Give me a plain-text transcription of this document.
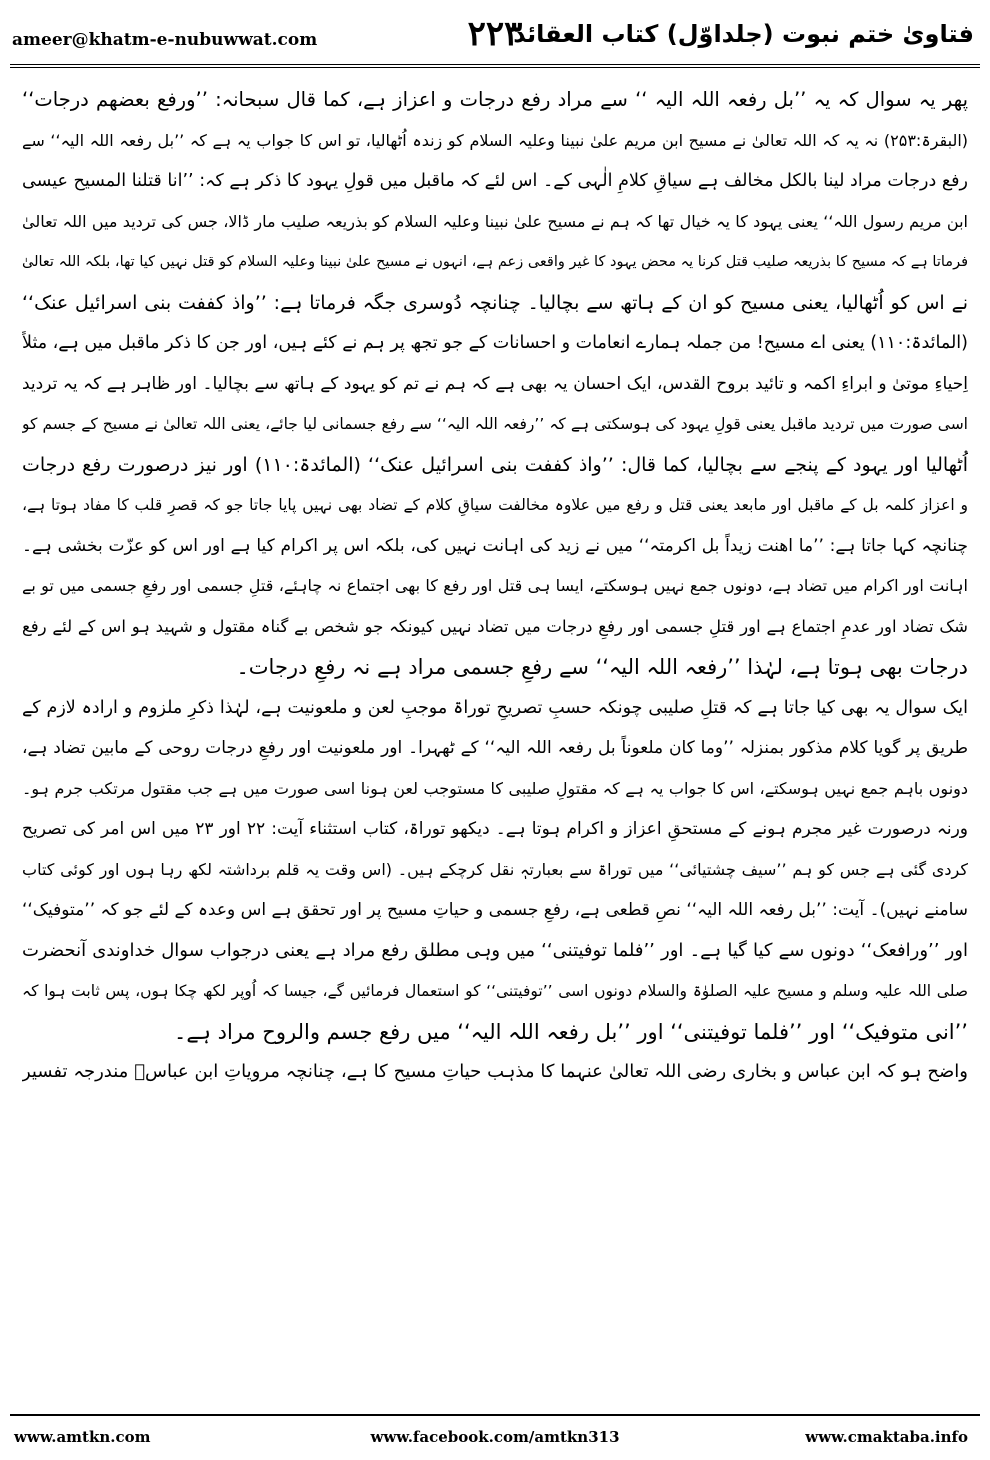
ameer@khatm-e-nubuwwat.com	۲۲۳
فتاویٰ ختم نبوت (جلداوّل) کتاب العقائد
پھر یہ سوال کہ یہ ’’بل رفعہ اللہ الیہ ‘‘ سے مراد رفع درجات و اعزاز ہے، کما قال سبحانہ: ’’ورفع بعضھم درجات‘‘
(البقرۃ:۲۵۳) نہ یہ کہ اللہ تعالیٰ نے مسیح ابن مریم علیٰ نبینا وعلیہ السلام کو زندہ اُٹھالیا، تو اس کا جواب یہ ہے کہ ’’بل رفعہ اللہ الیہ‘‘ سے
رفع درجات مراد لینا بالکل مخالف ہے سیاقِ کلامِ الٰہی کے۔ اس لئے کہ ماقبل میں قولِ یہود کا ذکر ہے کہ: ’’انا قتلنا المسیح عیسی
ابن مریم رسول اللہ‘‘ یعنی یہود کا یہ خیال تھا کہ ہم نے مسیح علیٰ نبینا وعلیہ السلام کو بذریعہ صلیب مار ڈالا، جس کی تردید میں اللہ تعالیٰ
فرماتا ہے کہ مسیح کا بذریعہ صلیب قتل کرنا یہ محض یہود کا غیر واقعی زعم ہے، انہوں نے مسیح علیٰ نبینا وعلیہ السلام کو قتل نہیں کیا تھا، بلکہ اللہ تعالیٰ
نے اس کو اُٹھالیا، یعنی مسیح کو ان کے ہاتھ سے بچالیا۔ چنانچہ دُوسری جگہ فرماتا ہے: ’’واذ کففت بنی اسرائیل عنک‘‘
(المائدۃ:۱۱۰) یعنی اے مسیح! من جملہ ہمارے انعامات و احسانات کے جو تجھ پر ہم نے کئے ہیں، اور جن کا ذکر ماقبل میں ہے، مثلاً
اِحیاءِ موتیٰ و ابراءِ اکمہ و تائید بروح القدس، ایک احسان یہ بھی ہے کہ ہم نے تم کو یہود کے ہاتھ سے بچالیا۔ اور ظاہر ہے کہ یہ تردید
اسی صورت میں تردید ماقبل یعنی قولِ یہود کی ہوسکتی ہے کہ ’’رفعہ اللہ الیہ‘‘ سے رفع جسمانی لیا جائے، یعنی اللہ تعالیٰ نے مسیح کے جسم کو
اُٹھالیا اور یہود کے پنجے سے بچالیا، کما قال: ’’واذ کففت بنی اسرائیل عنک‘‘ (المائدۃ:۱۱۰) اور نیز درصورت رفع درجات
و اعزاز کلمہ بل کے ماقبل اور مابعد یعنی قتل و رفع میں علاوہ مخالفت سیاقِ کلام کے تضاد بھی نہیں پایا جاتا جو کہ قصرِ قلب کا مفاد ہوتا ہے،
چنانچہ کہا جاتا ہے: ’’ما اھنت زیداً بل اکرمتہ‘‘ میں نے زید کی اہانت نہیں کی، بلکہ اس پر اکرام کیا ہے اور اس کو عزّت بخشی ہے۔
اہانت اور اکرام میں تضاد ہے، دونوں جمع نہیں ہوسکتے، ایسا ہی قتل اور رفع کا بھی اجتماع نہ چاہئے، قتلِ جسمی اور رفعِ جسمی میں تو بے
شک تضاد اور عدمِ اجتماع ہے اور قتلِ جسمی اور رفعِ درجات میں تضاد نہیں کیونکہ جو شخص بے گناہ مقتول و شہید ہو اس کے لئے رفع
درجات بھی ہوتا ہے، لہٰذا ’’رفعہ اللہ الیہ‘‘ سے رفعِ جسمی مراد ہے نہ رفعِ درجات۔
ایک سوال یہ بھی کیا جاتا ہے کہ قتلِ صلیبی چونکہ حسبِ تصریحِ توراۃ موجبِ لعن و ملعونیت ہے، لہٰذا ذکرِ ملزوم و ارادہ لازم کے
طریق پر گویا کلام مذکور بمنزلہ ’’وما کان ملعوناً بل رفعہ اللہ الیہ‘‘ کے ٹھہرا۔ اور ملعونیت اور رفعِ درجات روحی کے مابین تضاد ہے،
دونوں باہم جمع نہیں ہوسکتے، اس کا جواب یہ ہے کہ مقتولِ صلیبی کا مستوجب لعن ہونا اسی صورت میں ہے جب مقتول مرتکب جرم ہو۔
ورنہ درصورت غیر مجرم ہونے کے مستحقِ اعزاز و اکرام ہوتا ہے۔ دیکھو توراۃ، کتاب استثناء آیت: ۲۲ اور ۲۳ میں اس امر کی تصریح
کردی گئی ہے جس کو ہم ’’سیف چشتیائی‘‘ میں توراۃ سے بعبارتہٖ نقل کرچکے ہیں۔ (اس وقت یہ قلم برداشتہ لکھ رہا ہوں اور کوئی کتاب
سامنے نہیں)۔ آیت: ’’بل رفعہ اللہ الیہ‘‘ نصِ قطعی ہے، رفعِ جسمی و حیاتِ مسیح پر اور تحقق ہے اس وعدہ کے لئے جو کہ ’’متوفیک‘‘
اور ’’ورافعک‘‘ دونوں سے کیا گیا ہے۔ اور ’’فلما توفیتنی‘‘ میں وہی مطلق رفع مراد ہے یعنی درجواب سوال خداوندی آنحضرت
صلی اللہ علیہ وسلم و مسیح علیہ الصلوٰۃ والسلام دونوں اسی ’’توفیتنی‘‘ کو استعمال فرمائیں گے، جیسا کہ اُوپر لکھ چکا ہوں، پس ثابت ہوا کہ
’’انی متوفیک‘‘ اور ’’فلما توفیتنی‘‘ اور ’’بل رفعہ اللہ الیہ‘‘ میں رفع جسم والروح مراد ہے۔
واضح ہو کہ ابن عباس و بخاری رضی اللہ تعالیٰ عنہما کا مذہب حیاتِ مسیح کا ہے، چنانچہ مرویاتِ ابن عباسؓ مندرجہ تفسیر
www.amtkn.com	www.facebook.com/amtkn313	www.cmaktaba.info
